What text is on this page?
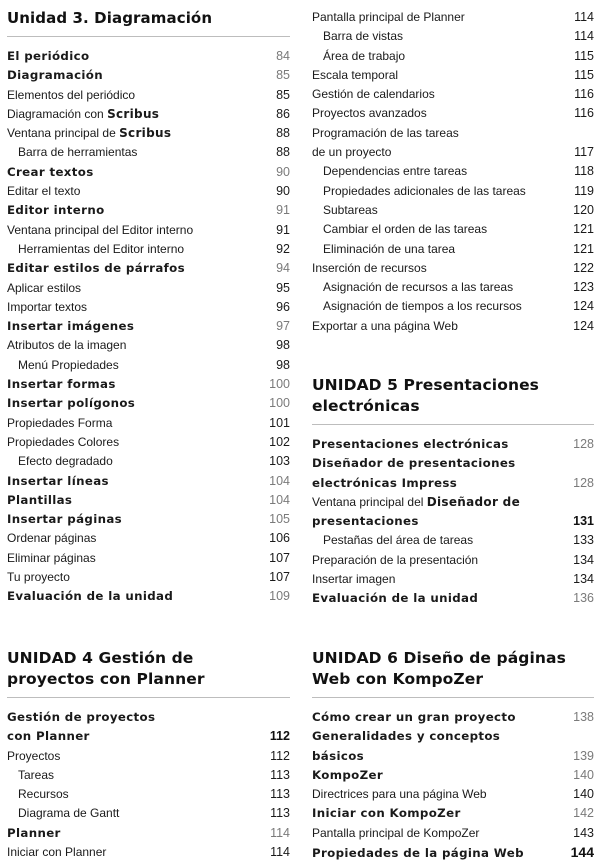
Unidad 3. Diagramación
El periódico	84
Diagramación	85
Elementos del periódico	85
Diagramación con Scribus	86
Ventana principal de Scribus	88
Barra de herramientas	88
Crear textos	90
Editar el texto	90
Editor interno	91
Ventana principal del Editor interno	91
Herramientas del Editor interno	92
Editar estilos de párrafos	94
Aplicar estilos	95
Importar textos	96
Insertar imágenes	97
Atributos de la imagen	98
Menú Propiedades	98
Insertar formas	100
Insertar polígonos	100
Propiedades Forma	101
Propiedades Colores	102
Efecto degradado	103
Insertar líneas	104
Plantillas	104
Insertar páginas	105
Ordenar páginas	106
Eliminar páginas	107
Tu proyecto	107
Evaluación de la unidad	109
UNIDAD 4 Gestión de
proyectos con Planner
Gestión de proyectos
con Planner	112
Proyectos	112
Tareas	113
Recursos	113
Diagrama de Gantt	113
Planner	114
Iniciar con Planner	114
Pantalla principal de Planner	114
Barra de vistas	114
Área de trabajo	115
Escala temporal	115
Gestión de calendarios	116
Proyectos avanzados	116
Programación de las tareas
de un proyecto	117
Dependencias entre tareas	118
Propiedades adicionales de las tareas	119
Subtareas	120
Cambiar el orden de las tareas	121
Eliminación de una tarea	121
Inserción de recursos	122
Asignación de recursos a las tareas	123
Asignación de tiempos a los recursos	124
Exportar a una página Web	124
UNIDAD 5 Presentaciones
electrónicas
Presentaciones electrónicas	128
Diseñador de presentaciones
electrónicas Impress	128
Ventana principal del Diseñador de
presentaciones	131
Pestañas del área de tareas	133
Preparación de la presentación	134
Insertar imagen	134
Evaluación de la unidad	136
UNIDAD 6 Diseño de páginas
Web con KompoZer
Cómo crear un gran proyecto	138
Generalidades y conceptos
básicos	139
KompoZer	140
Directrices para una página Web	140
Iniciar con KompoZer	142
Pantalla principal de KompoZer	143
Propiedades de la página Web	144
